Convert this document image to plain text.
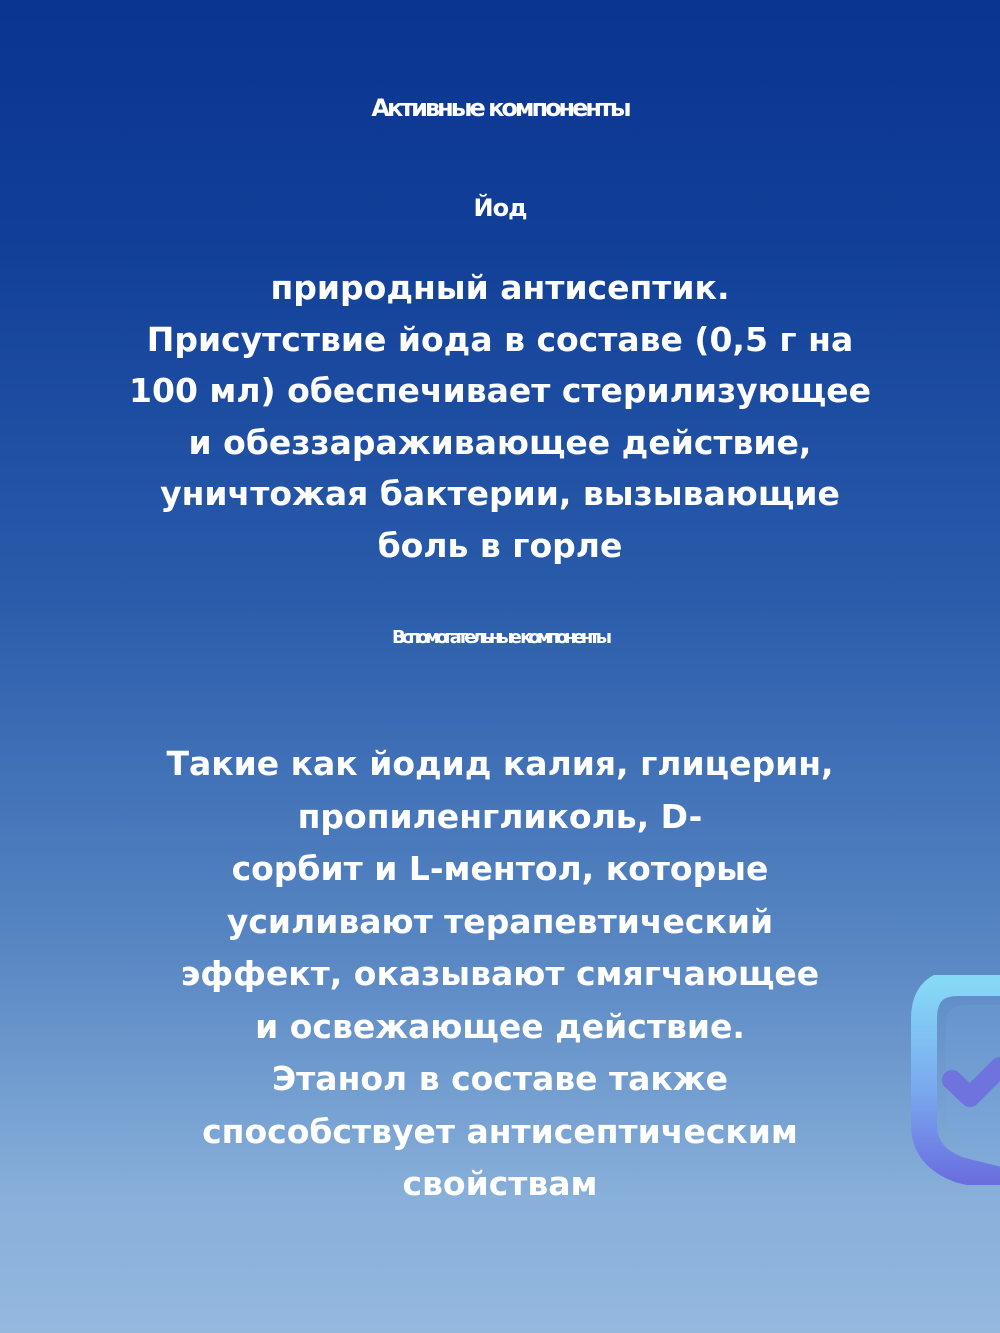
Активные компоненты
Йод

природный антисептик.
Присутствие йода в составе (0,5 г на
100 мл) обеспечивает стерилизующее
и обеззараживающее действие,
уничтожая бактерии, вызывающие
боль в горле

Вспомогательные компоненты

Такие как йодид калия, глицерин,
пропиленгликоль, D-
сорбит и L-ментол, которые
усиливают терапевтический
эффект, оказывают смягчающее
и освежающее действие.
Этанол в составе также
способствует антисептическим
свойствам
